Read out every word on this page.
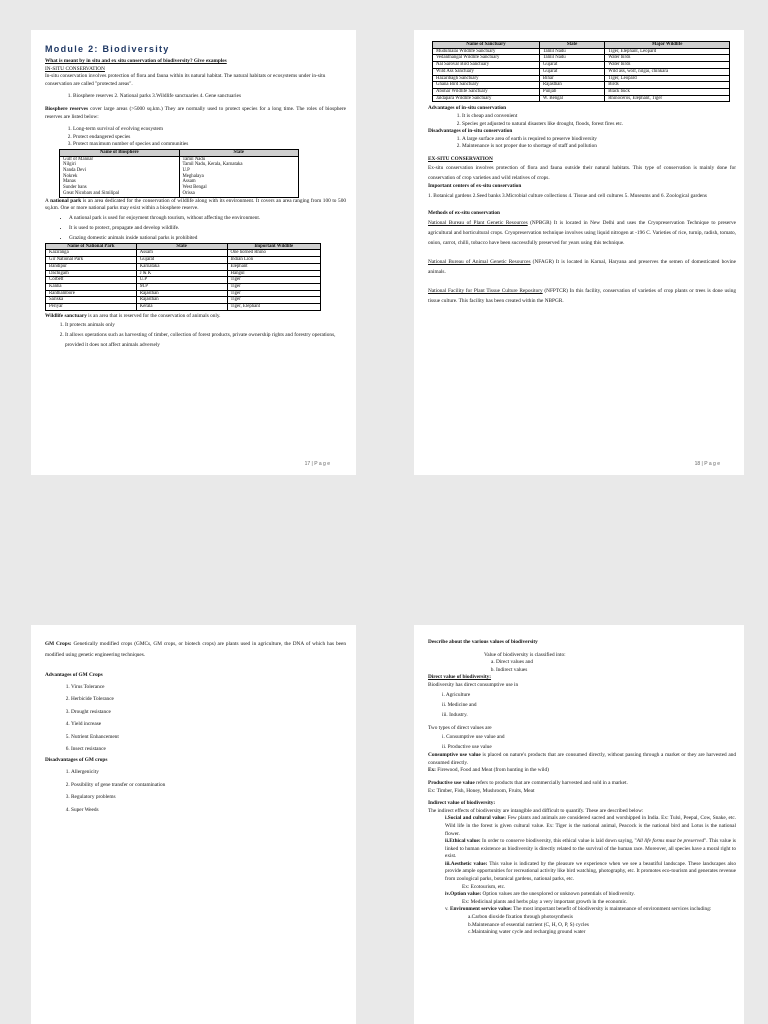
Module 2: Biodiversity
What is meant by in situ and ex situ conservation of biodiversity? Give examples
IN-SITU CONSERVATION
In-situ conservation involves protection of flora and fauna within its natural habitat. The natural habitats or ecosystems under in-situ conservation are called "protected areas".
1. Biosphere reserves 2. National parks 3.Wildlife sanctuaries 4. Gene sanctuaries
Biosphere reserves cover large areas (>5000 sq.km.) They are normally used to protect species for a long time. The roles of biosphere reserves are listed below:
1. Long-term survival of evolving ecosystem
2. Protect endangered species
3. Protect maximum number of species and communities
Name of Biosphere	State
Gulf of Mannar	Tamil Nadu
Nilgiri	Tamil Nadu, Kerala, Karnataka
Nanda Devi	U.P
Nokrek	Meghalaya
Manas	Assam
Sunder bans	West Bengal
Great Nicobars and Similipal	Orissa
A national park is an area dedicated for the conservation of wildlife along with its environment. It covers an area ranging from 100 to 500 sq.km. One or more national parks may exist within a biosphere reserve.
• A national park is used for enjoyment through tourism, without affecting the environment.
• It is used to protect, propagate and develop wildlife.
• Grazing domestic animals inside national parks is prohibited
Name of National Park	State	Important Wildlife
Kaziranga	Assam	One horned Rhino
Gir National Park	Gujarat	Indian Lion
Bandipur	Karnataka	Elephant
Dachigam	J & K	Hangul
Corbett	U.P	Tiger
Kanha	M.P	Tiger
Ranthambore	Rajasthan	Tiger
Sariska	Rajasthan	Tiger
Periyar	Kerala	Tiger, Elephant
Wildlife sanctuary is an area that is reserved for the conservation of animals only.
1. It protects animals only
2. It allows operations such as harvesting of timber, collection of forest products, private ownership rights and forestry operations, provided it does not affect animals adversely
17 | P a g e
Name of Sanctuary	State	Major Wildlife
Mudumalai Wildlife Sanctuary	Tamil Nadu	Tiger, Elephant, Leopard
Vedanthangal Wildlife Sanctuary	Tamil Nadu	Water birds
Nal Sarovar Bird Sanctuary	Gujarat	Water birds
Wild Ass Sanctuary	Gujarat	Wild ass, wolf, nilgai, chinkara
Hazaribagh Sanctuary	Bihar	Tiger, Leopard
Ghana Bird Sanctuary	Rajasthan	Birds
Abohar Wildlife Sanctuary	Punjab	Black buck
Jaldapara Wildlife Sanctuary	W. Bengal	Rhinoceros, Elephant, Tiger
Advantages of in-situ conservation
1. It is cheap and convenient
2. Species get adjusted to natural disasters like drought, floods, forest fires etc.
Disadvantages of in-situ conservation
1. A large surface area of earth is required to preserve biodiversity
2. Maintenance is not proper due to shortage of staff and pollution
EX-SITU CONSERVATION
Ex-situ conservation involves protection of flora and fauna outside their natural habitats. This type of conservation is mainly done for conservation of crop varieties and wild relatives of crops.
Important centers of ex-situ conservation
1. Botanical gardens 2.Seed banks 3.Microbial culture collections 4. Tissue and cell cultures 5. Museums and 6. Zoological gardens
Methods of ex-situ conservation
National Bureau of Plant Genetic Resources (NPBGR) It is located in New Delhi and uses the Cryopreservation Technique to preserve agricultural and horticultural crops. Cryopreservation technique involves using liquid nitrogen at -196 C. Varieties of rice, turnip, radish, tomato, onion, carrot, chilli, tobacco have been successfully preserved for years using this technique.
National Bureau of Animal Genetic Resources (NFAGR) It is located in Karnal, Haryana and preserves the semen of domesticated bovine animals.
National Facility for Plant Tissue Culture Repository (NFPTCR) In this facility, conservation of varieties of crop plants or trees is done using tissue culture. This facility has been created within the NBPGR.
18 | P a g e
GM Crops: Genetically modified crops (GMCs, GM crops, or biotech crops) are plants used in agriculture, the DNA of which has been modified using genetic engineering techniques.
Advantages of GM Crops
1. Virus Tolerance
2. Herbicide Tolerance
3. Drought resistance
4. Yield increase
5. Nutrient Enhancement
6. Insect resistance
Disadvantages of GM crops
1. Allergenicity
2. Possibility of gene transfer or contamination
3. Regulatory problems
4. Super Weeds
Describe about the various values of biodiversity
Value of biodiversity is classified into:
a. Direct values and
b. Indirect values
Direct value of biodiversity:
Biodiversity has direct consumptive use in
i. Agriculture
ii. Medicine and
iii. Industry.
Two types of direct values are
i. Consumptive use value and
ii. Productive use value
Consumptive use value is placed on nature's products that are consumed directly, without passing through a market or they are harvested and consumed directly.
Ex: Firewood, Food and Meat (from hunting in the wild)
Productive use value refers to products that are commercially harvested and sold in a market.
Ex: Timber, Fish, Honey, Mushroom, Fruits, Meat
Indirect value of biodiversity:
The indirect effects of biodiversity are intangible and difficult to quantify. These are described below:
i.Social and cultural value: Few plants and animals are considered sacred and worshipped in India. Ex: Tulsi, Peepal, Cow, Snake, etc. Wild life in the forest is given cultural value. Ex: Tiger is the national animal, Peacock is the national bird and Lotus is the national flower.
ii.Ethical value: In order to conserve biodiversity, this ethical value is laid down saying, "All life forms must be preserved". This value is linked to human existence as biodiversity is directly related to the survival of the human race. Moreover, all species have a moral right to exist.
iii.Aesthetic value: This value is indicated by the pleasure we experience when we see a beautiful landscape. These landscapes also provide ample opportunities for recreational activity like bird watching, photography, etc. It promotes eco-tourism and generates revenue from zoological parks, botanical gardens, national parks, etc.
Ex: Ecotourism, etc.
iv.Option value: Option values are the unexplored or unknown potentials of biodiversity.
Ex: Medicinal plants and herbs play a very important growth in the economic.
v. Environment service value: The most important benefit of biodiversity is maintenance of environment services including:
a.Carbon dioxide fixation through photosynthesis
b.Maintenance of essential nutrient (C, H, O, P, S) cycles
c.Maintaining water cycle and recharging ground water
